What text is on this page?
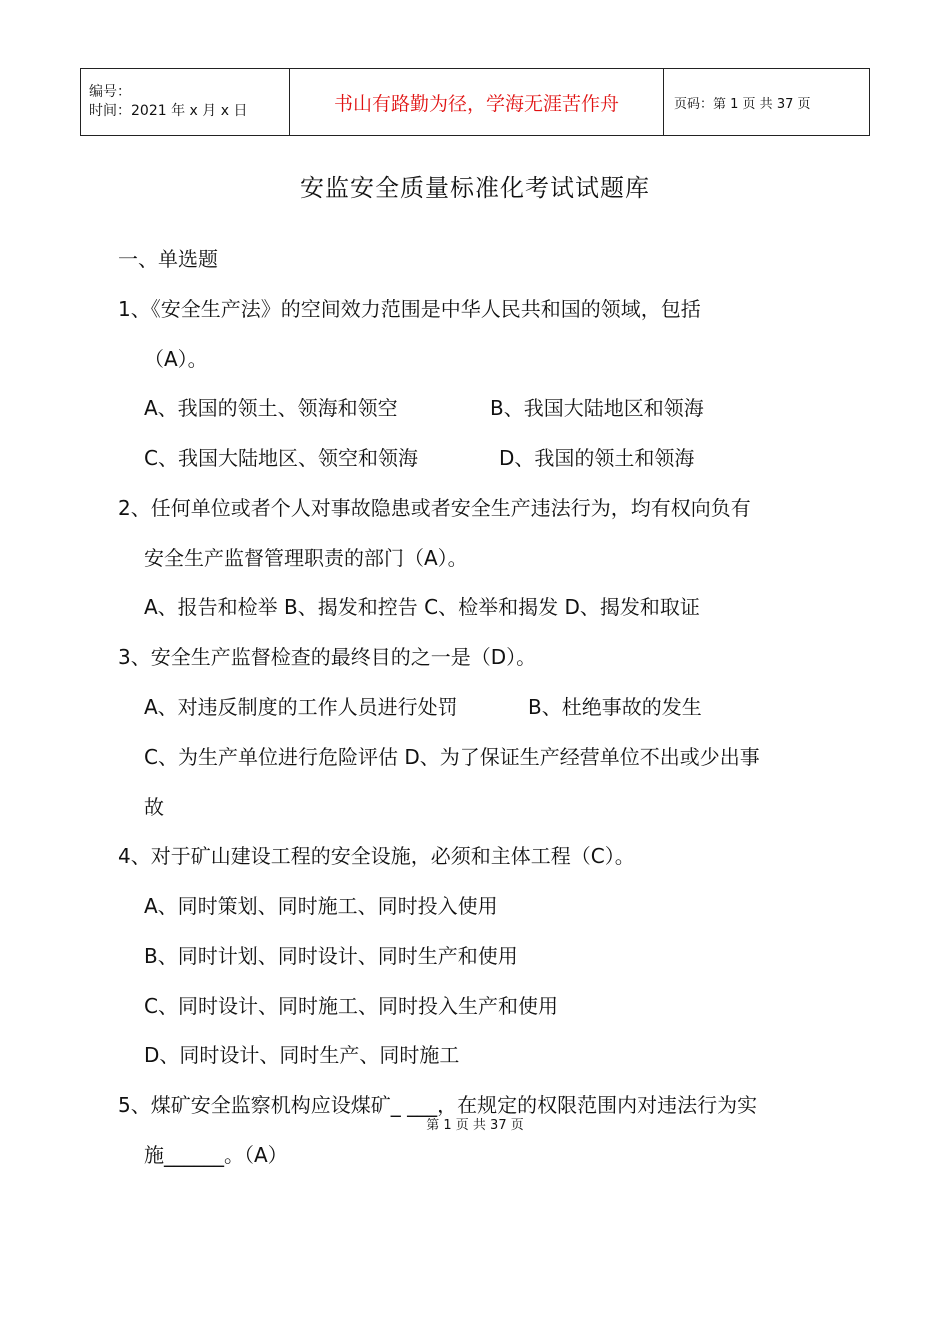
编号：
时间：2021 年 x 月 x 日	书山有路勤为径，学海无涯苦作舟	页码：第 1 页 共 37 页
安监安全质量标准化考试试题库
一、单选题
1、《安全生产法》的空间效力范围是中华人民共和国的领域，包括
（A）。
A、我国的领土、领海和领空	B、我国大陆地区和领海
C、我国大陆地区、领空和领海	D、我国的领土和领海
2、任何单位或者个人对事故隐患或者安全生产违法行为，均有权向负有
安全生产监督管理职责的部门（A）。
A、报告和检举 B、揭发和控告 C、检举和揭发 D、揭发和取证
3、安全生产监督检查的最终目的之一是（D）。
A、对违反制度的工作人员进行处罚	B、杜绝事故的发生
C、为生产单位进行危险评估 D、为了保证生产经营单位不出或少出事
故
4、对于矿山建设工程的安全设施，必须和主体工程（C）。
A、同时策划、同时施工、同时投入使用
B、同时计划、同时设计、同时生产和使用
C、同时设计、同时施工、同时投入生产和使用
D、同时设计、同时生产、同时施工
5、煤矿安全监察机构应设煤矿_ ___，在规定的权限范围内对违法行为实
第 1 页 共 37 页
施______。（A）
